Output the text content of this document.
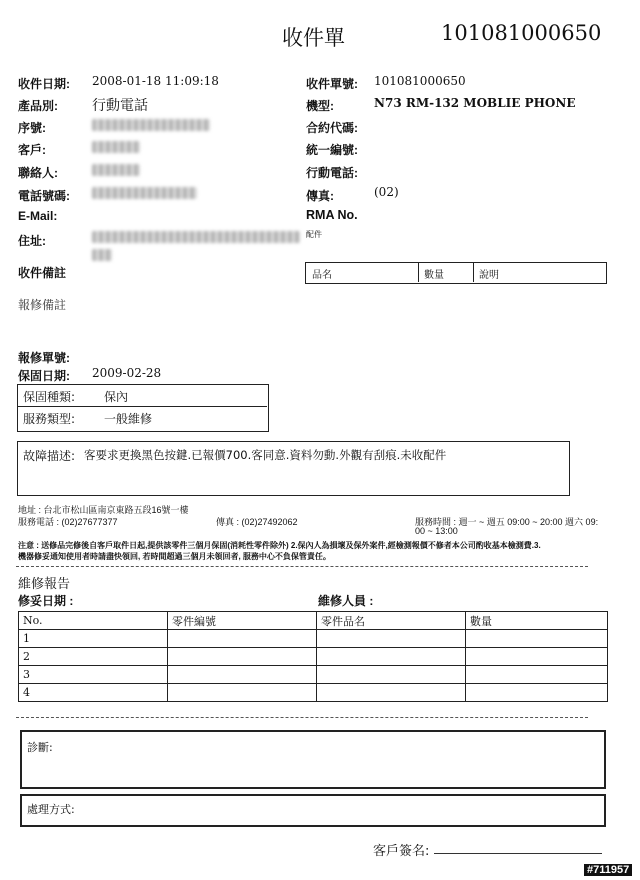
收件單	101081000650
收件日期: 2008-01-18 11:09:18
產品別: 行動電話
序號:
客戶:
聯絡人:
電話號碼:
E-Mail:
住址:
收件單號: 101081000650
機型:	N73 RM-132 MOBLIE PHONE
合約代碼:
統一編號:
行動電話:
傳真:	(02)
RMA No.
配件
品名	數量	說明
收件備註
報修備註
報修單號:
保固日期: 2009-02-28
保固種類: 保內
服務類型: 一般維修
故障描述: 客要求更換黑色按鍵.已報價700.客同意.資料勿動.外觀有刮痕.未收配件
地址 : 台北市松山區南京東路五段16號一樓
服務電話 : (02)27677377	傳真 : (02)27492062	服務時間 : 週一 ~ 週五 09:00 ~ 20:00 週六 09:
00 ~ 13:00
注意 : 送修品完修後自客戶取件日起,提供該零件三個月保固(消耗性零件除外) 2.保內人為損壞及保外案件,經檢測報價不修者本公司酌收基本檢測費.3.
機器修妥通知使用者時請盡快領回, 若時間超過三個月未領回者, 服務中心不負保管責任。
維修報告
修妥日期 :	維修人員 :
No.	零件編號	零件品名	數量
1			
2			
3			
4			
診斷:
處理方式:
客戶簽名:
#711957
